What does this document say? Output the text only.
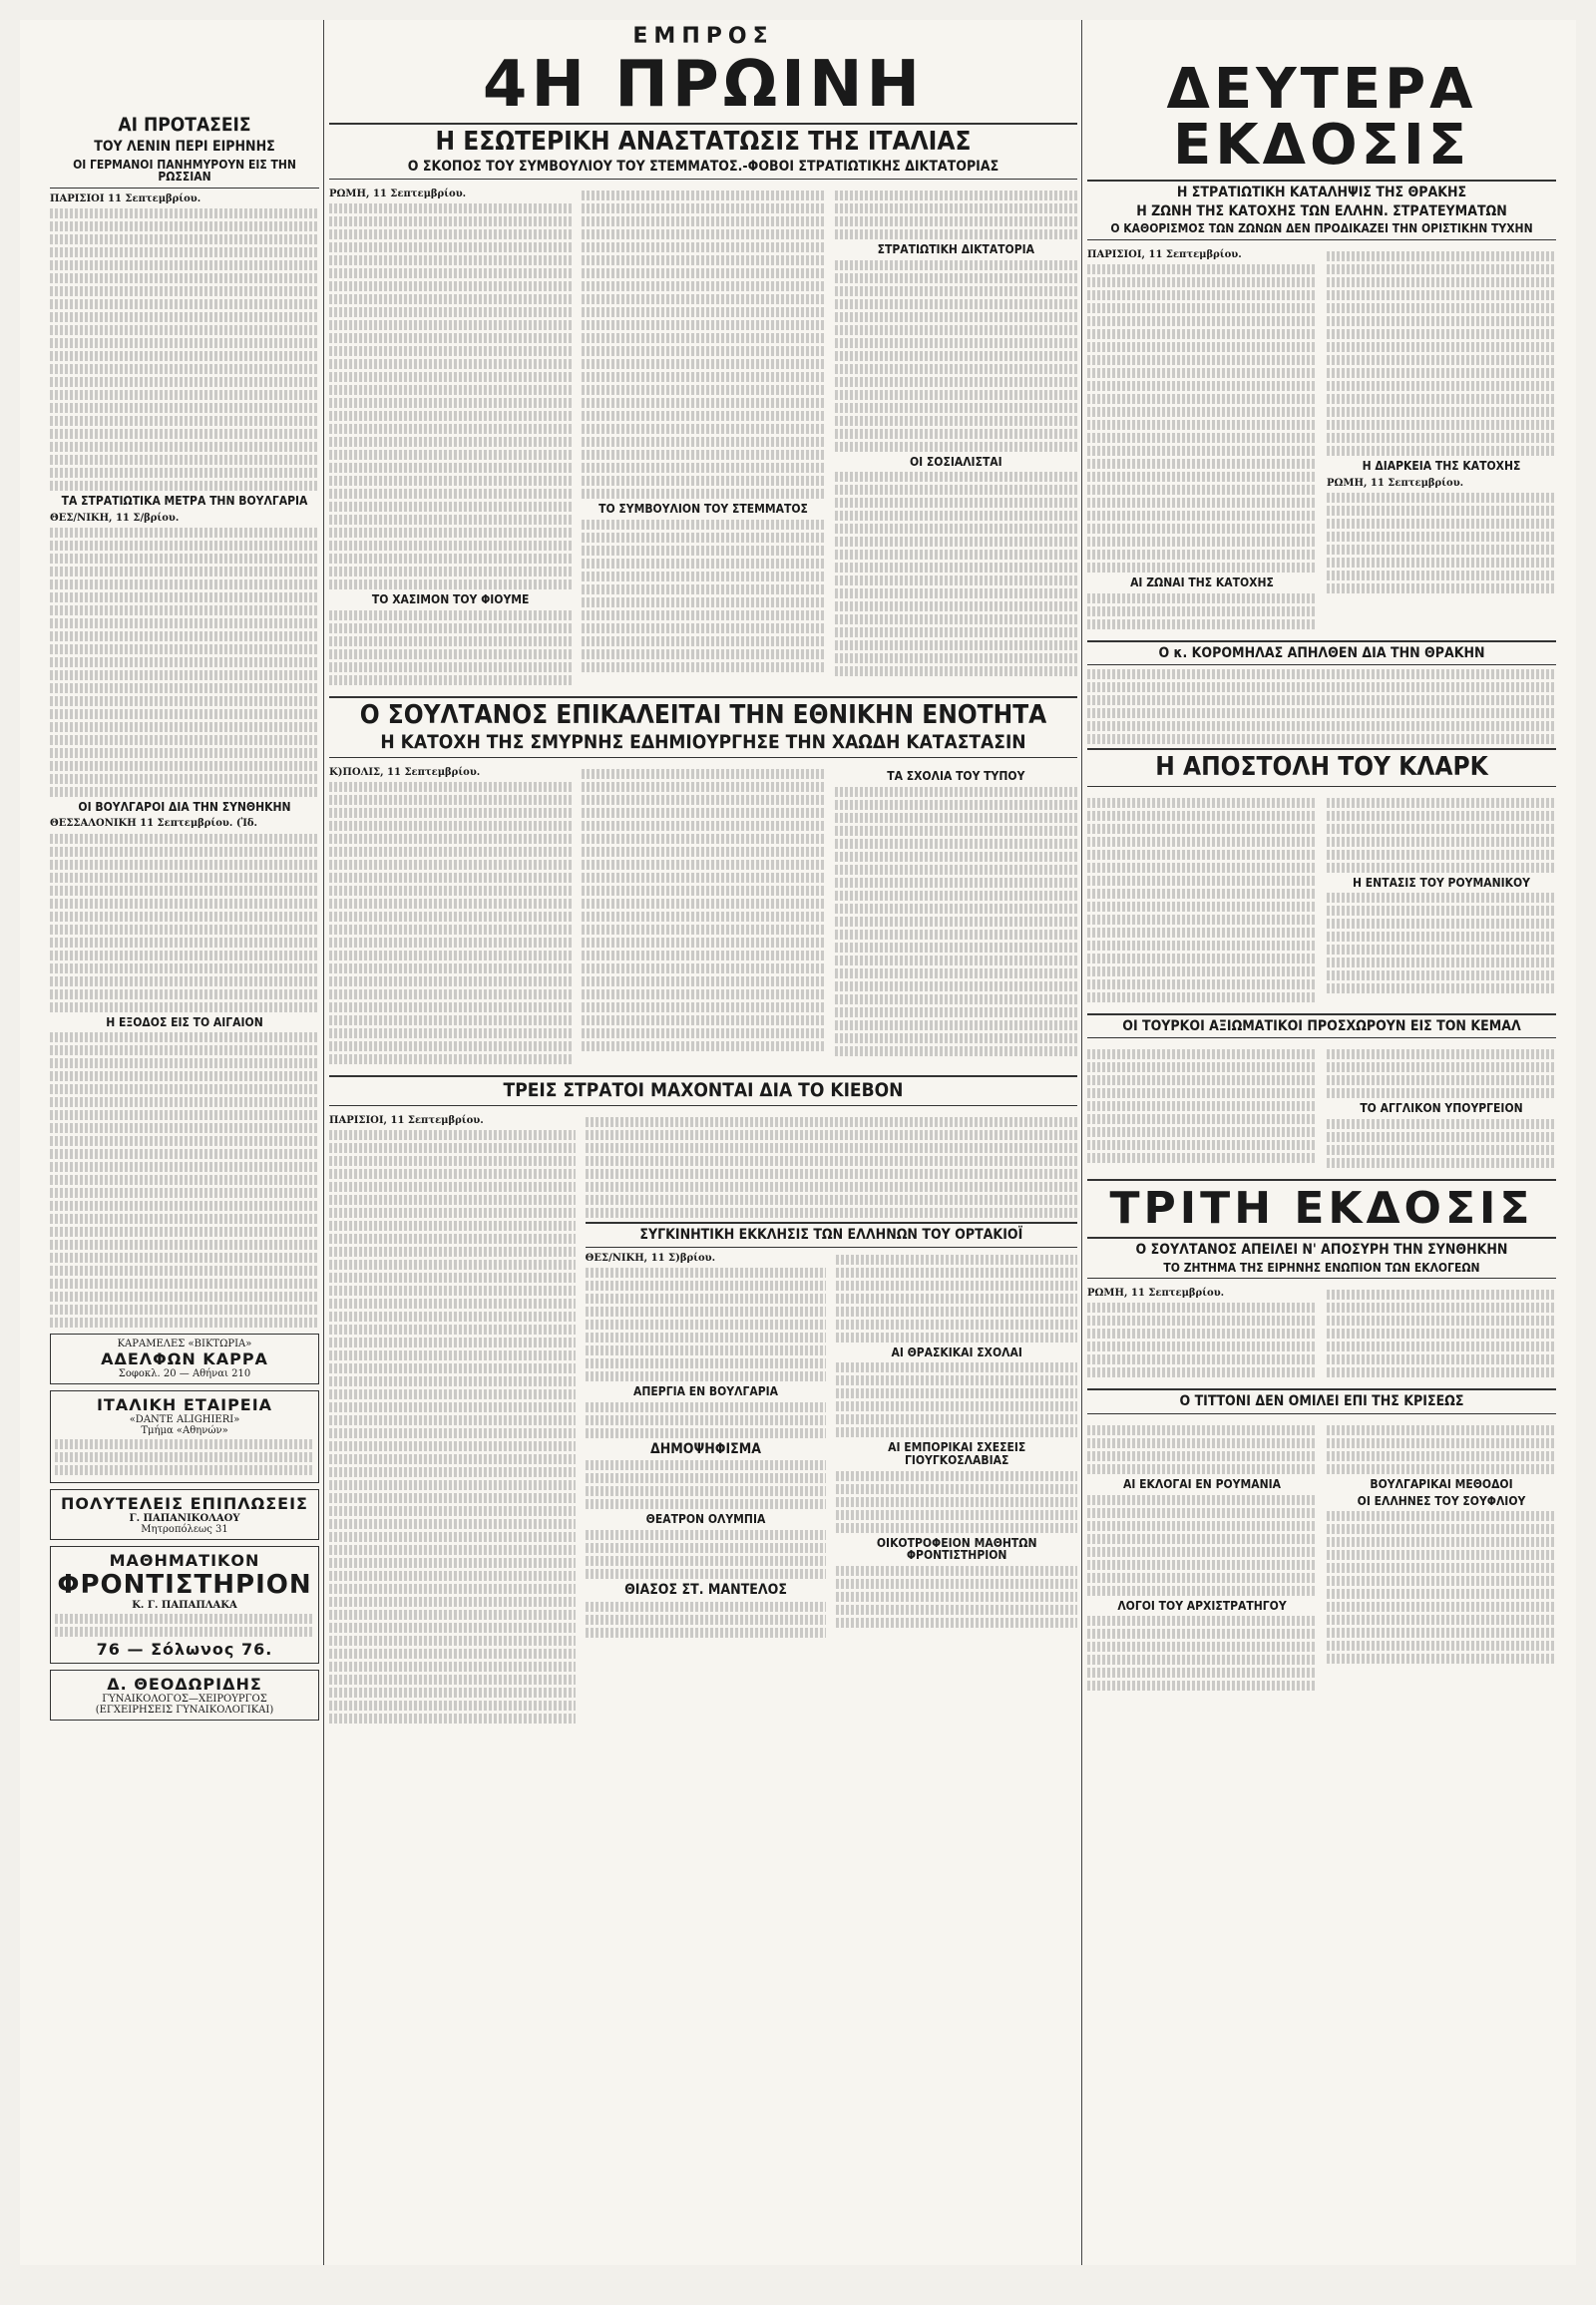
ΑΙ ΠΡΟΤΑΣΕΙΣ
ΤΟΥ ΛΕΝΙΝ ΠΕΡΙ ΕΙΡΗΝΗΣ
ΟΙ ΓΕΡΜΑΝΟΙ ΠΑΝΗΜΥΡΟΥΝ ΕΙΣ ΤΗΝ ΡΩΣΣΙΑΝ
ΠΑΡΙΣΙΟΙ 11 Σεπτεμβρίου.
ΤΑ ΣΤΡΑΤΙΩΤΙΚΑ ΜΕΤΡΑ ΤΗΝ ΒΟΥΛΓΑΡΙΑ
ΘΕΣ/ΝΙΚΗ, 11 Σ/βρίου.
ΟΙ ΒΟΥΛΓΑΡΟΙ ΔΙΑ ΤΗΝ ΣΥΝΘΗΚΗΝ
ΘΕΣΣΑΛΟΝΙΚΗ 11 Σεπτεμβρίου. (Ἰδ.
Η ΕΞΟΔΟΣ ΕΙΣ ΤΟ ΑΙΓΑΙΟΝ
ΚΑΡΑΜΕΛΕΣ «ΒΙΚΤΩΡΙΑ»
ΑΔΕΛΦΩΝ ΚΑΡΡΑ
Σοφοκλ. 20 — Αθήναι 210
ΙΤΑΛΙΚΗ ΕΤΑΙΡΕΙΑ
«DANTE ALIGHIERI»
Τμήμα «Αθηνών»
ΠΟΛΥΤΕΛΕΙΣ ΕΠΙΠΛΩΣΕΙΣ
Γ. ΠΑΠΑΝΙΚΟΛΑΟΥ
Μητροπόλεως 31
ΜΑΘΗΜΑΤΙΚΟΝ
ΦΡΟΝΤΙΣΤΗΡΙΟΝ
Κ. Γ. ΠΑΠΑΠΛΑΚΑ
76 — Σόλωνος 76.
Δ. ΘΕΟΔΩΡΙΔΗΣ
ΓΥΝΑΙΚΟΛΟΓΟΣ—ΧΕΙΡΟΥΡΓΟΣ
(ΕΓΧΕΙΡΗΣΕΙΣ ΓΥΝΑΙΚΟΛΟΓΙΚΑΙ)
ΕΜΠΡΟΣ
4Η ΠΡΩΙΝΗ
Η ΕΣΩΤΕΡΙΚΗ ΑΝΑΣΤΑΤΩΣΙΣ ΤΗΣ ΙΤΑΛΙΑΣ
Ο ΣΚΟΠΟΣ ΤΟΥ ΣΥΜΒΟΥΛΙΟΥ ΤΟΥ ΣΤΕΜΜΑΤΟΣ.-ΦΟΒΟΙ ΣΤΡΑΤΙΩΤΙΚΗΣ ΔΙΚΤΑΤΟΡΙΑΣ
ΡΩΜΗ, 11 Σεπτεμβρίου.
ΤΟ ΧΑΣΙΜΟΝ ΤΟΥ ΦΙΟΥΜΕ
ΤΟ ΣΥΜΒΟΥΛΙΟΝ ΤΟΥ ΣΤΕΜΜΑΤΟΣ
ΣΤΡΑΤΙΩΤΙΚΗ ΔΙΚΤΑΤΟΡΙΑ
ΟΙ ΣΟΣΙΑΛΙΣΤΑΙ
Ο ΣΟΥΛΤΑΝΟΣ ΕΠΙΚΑΛΕΙΤΑΙ ΤΗΝ ΕΘΝΙΚΗΝ ΕΝΟΤΗΤΑ
Η ΚΑΤΟΧΗ ΤΗΣ ΣΜΥΡΝΗΣ ΕΔΗΜΙΟΥΡΓΗΣΕ ΤΗΝ ΧΑΩΔΗ ΚΑΤΑΣΤΑΣΙΝ
Κ)ΠΟΛΙΣ, 11 Σεπτεμβρίου.	ΤΑ ΣΧΟΛΙΑ ΤΟΥ ΤΥΠΟΥ
ΤΡΕΙΣ ΣΤΡΑΤΟΙ ΜΑΧΟΝΤΑΙ ΔΙΑ ΤΟ ΚΙΕΒΟΝ
ΠΑΡΙΣΙΟΙ, 11 Σεπτεμβρίου.
ΣΥΓΚΙΝΗΤΙΚΗ ΕΚΚΛΗΣΙΣ ΤΩΝ ΕΛΛΗΝΩΝ ΤΟΥ ΟΡΤΑΚΙΟΪ
ΘΕΣ/ΝΙΚΗ, 11 Σ)βρίου.
ΑΠΕΡΓΙΑ ΕΝ ΒΟΥΛΓΑΡΙΑ
ΔΗΜΟΨΗΦΙΣΜΑ
ΘΕΑΤΡΟΝ ΟΛΥΜΠΙΑ
ΘΙΑΣΟΣ ΣΤ. ΜΑΝΤΕΛΟΣ
ΑΙ ΘΡΑΣΚΙΚΑΙ ΣΧΟΛΑΙ
ΑΙ ΕΜΠΟΡΙΚΑΙ ΣΧΕΣΕΙΣ ΓΙΟΥΓΚΟΣΛΑΒΙΑΣ
ΟΙΚΟΤΡΟΦΕΙΟΝ ΜΑΘΗΤΩΝ ΦΡΟΝΤΙΣΤΗΡΙΟΝ
ΔΕΥΤΕΡΑ ΕΚΔΟΣΙΣ
Η ΣΤΡΑΤΙΩΤΙΚΗ ΚΑΤΑΛΗΨΙΣ ΤΗΣ ΘΡΑΚΗΣ
Η ΖΩΝΗ ΤΗΣ ΚΑΤΟΧΗΣ ΤΩΝ ΕΛΛΗΝ. ΣΤΡΑΤΕΥΜΑΤΩΝ
Ο ΚΑΘΟΡΙΣΜΟΣ ΤΩΝ ΖΩΝΩΝ ΔΕΝ ΠΡΟΔΙΚΑΖΕΙ ΤΗΝ ΟΡΙΣΤΙΚΗΝ ΤΥΧΗΝ
ΠΑΡΙΣΙΟΙ, 11 Σεπτεμβρίου.
ΑΙ ΖΩΝΑΙ ΤΗΣ ΚΑΤΟΧΗΣ
Η ΔΙΑΡΚΕΙΑ ΤΗΣ ΚΑΤΟΧΗΣ
ΡΩΜΗ, 11 Σεπτεμβρίου.
Ο κ. ΚΟΡΟΜΗΛΑΣ ΑΠΗΛΘΕΝ ΔΙΑ ΤΗΝ ΘΡΑΚΗΝ
Η ΑΠΟΣΤΟΛΗ ΤΟΥ ΚΛΑΡΚ
Η ΕΝΤΑΣΙΣ ΤΟΥ ΡΟΥΜΑΝΙΚΟΥ
ΟΙ ΤΟΥΡΚΟΙ ΑΞΙΩΜΑΤΙΚΟΙ ΠΡΟΣΧΩΡΟΥΝ ΕΙΣ ΤΟΝ ΚΕΜΑΛ
ΤΟ ΑΓΓΛΙΚΟΝ ΥΠΟΥΡΓΕΙΟΝ
ΤΡΙΤΗ ΕΚΔΟΣΙΣ
Ο ΣΟΥΛΤΑΝΟΣ ΑΠΕΙΛΕΙ Ν' ΑΠΟΣΥΡΗ ΤΗΝ ΣΥΝΘΗΚΗΝ
ΤΟ ΖΗΤΗΜΑ ΤΗΣ ΕΙΡΗΝΗΣ ΕΝΩΠΙΟΝ ΤΩΝ ΕΚΛΟΓΕΩΝ
ΡΩΜΗ, 11 Σεπτεμβρίου.
Ο ΤΙΤΤΟΝΙ ΔΕΝ ΟΜΙΛΕΙ ΕΠΙ ΤΗΣ ΚΡΙΣΕΩΣ
ΑΙ ΕΚΛΟΓΑΙ ΕΝ ΡΟΥΜΑΝΙΑ
ΛΟΓΟΙ ΤΟΥ ΑΡΧΙΣΤΡΑΤΗΓΟΥ
ΒΟΥΛΓΑΡΙΚΑΙ ΜΕΘΟΔΟΙ
ΟΙ ΕΛΛΗΝΕΣ ΤΟΥ ΣΟΥΦΛΙΟΥ
